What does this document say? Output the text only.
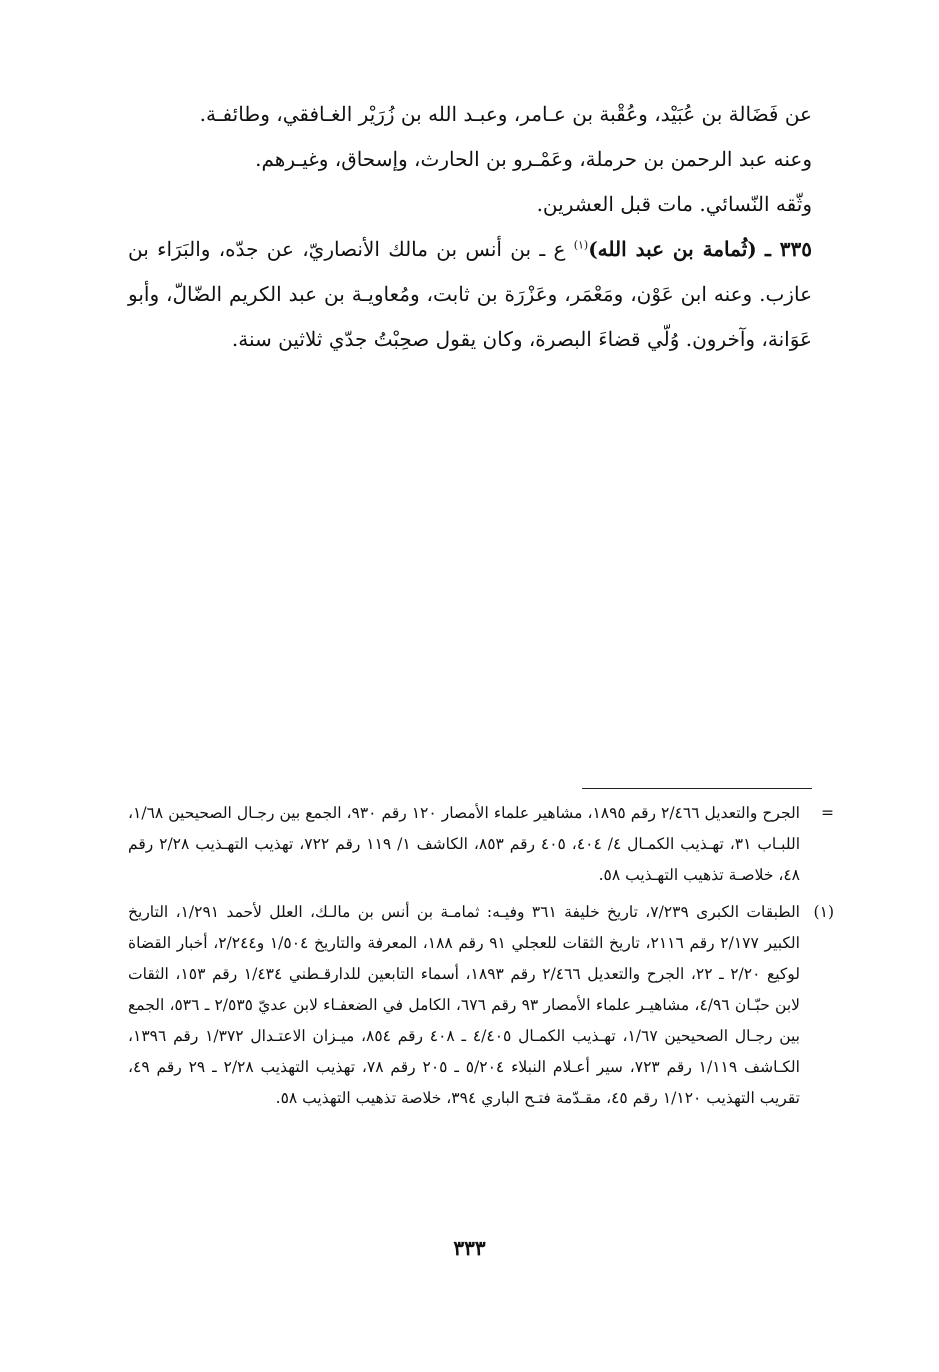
عن فَضَالة بن عُبَيْد، وعُقْبة بن عـامر، وعبـد الله بن زُرَيْر الغـافقي، وطائفـة.

وعنه عبد الرحمن بن حرملة، وعَمْـرو بن الحارث، وإسحاق، وغيـرهم.

وثّقه النّسائي. مات قبل العشرين.

٣٣٥ ـ (ثُمامة بن عبد الله)$^{(١)}$ ع ـ بن أنس بن مالك الأنصاريّ، عن جدّه، والبَرَاء بن عازب. وعنه ابن عَوْن، ومَعْمَر، وعَزْرَة بن ثابت، ومُعاويـة بن عبد الكريم الضّالّ، وأبو عَوَانة، وآخرون. وُلّي قضاءَ البصرة، وكان يقول صحِبْتُ جدّي ثلاثين سنة.

=
الجرح والتعديل ٢/٤٦٦ رقم ١٨٩٥، مشاهير علماء الأمصار ١٢٠ رقم ٩٣٠، الجمع بين رجـال الصحيحين ١/٦٨، اللبـاب ٣١، تهـذيب الكمـال ٤/ ٤٠٤، ٤٠٥ رقم ٨٥٣، الكاشف ١/ ١١٩ رقم ٧٢٢، تهذيب التهـذيب ٢/٢٨ رقم ٤٨، خلاصـة تذهيب التهـذيب ٥٨.
(١)
الطبقات الكبرى ٧/٢٣٩، تاريخ خليفة ٣٦١ وفيـه: ثمامـة بن أنس بن مالـك، العلل لأحمد ١/٢٩١، التاريخ الكبير ٢/١٧٧ رقم ٢١١٦، تاريخ الثقات للعجلي ٩١ رقم ١٨٨، المعرفة والتاريخ ١/٥٠٤ و٢/٢٤٤، أخبار القضاة لوكيع ٢/٢٠ ـ ٢٢، الجرح والتعديل ٢/٤٦٦ رقم ١٨٩٣، أسماء التابعين للدارقـطني ١/٤٣٤ رقم ١٥٣، الثقات لابن حبّـان ٤/٩٦، مشاهيـر علماء الأمصار ٩٣ رقم ٦٧٦، الكامل في الضعفـاء لابن عديّ ٢/٥٣٥ ـ ٥٣٦، الجمع بين رجـال الصحيحين ١/٦٧، تهـذيب الكمـال ٤/٤٠٥ ـ ٤٠٨ رقم ٨٥٤، ميـزان الاعتـدال ١/٣٧٢ رقم ١٣٩٦، الكـاشف ١/١١٩ رقم ٧٢٣، سير أعـلام النبلاء ٥/٢٠٤ ـ ٢٠٥ رقم ٧٨، تهذيب التهذيب ٢/٢٨ ـ ٢٩ رقم ٤٩، تقريب التهذيب ١/١٢٠ رقم ٤٥، مقـدّمة فتـح الباري ٣٩٤، خلاصة تذهيب التهذيب ٥٨.
٣٣٣
